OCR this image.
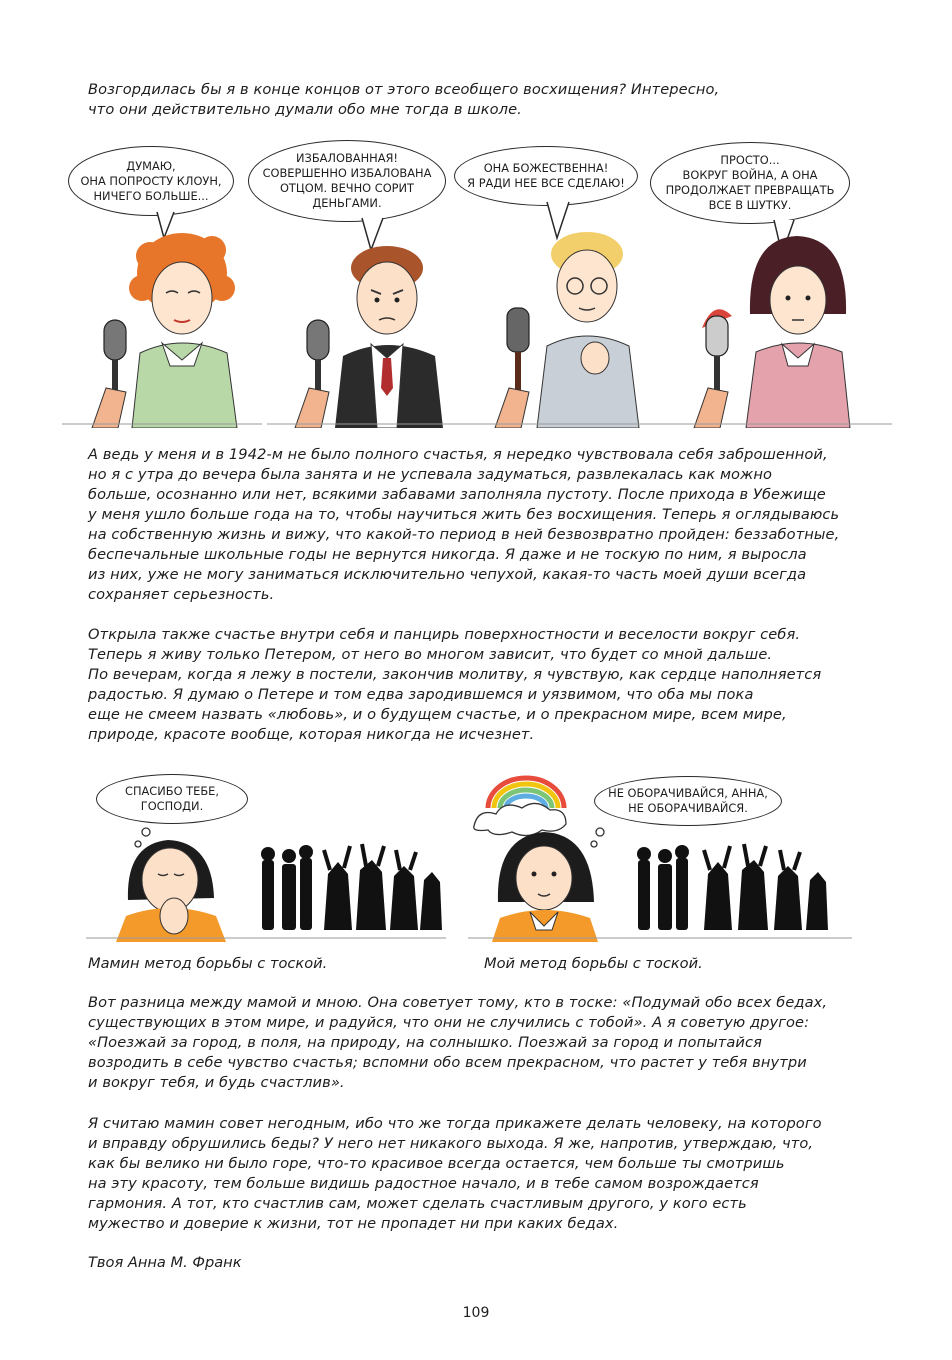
Возгордилась бы я в конце концов от этого всеобщего восхищения? Интересно,
что они действительно думали обо мне тогда в школе.
ДУМАЮ,
ОНА ПОПРОСТУ КЛОУН,
НИЧЕГО БОЛЬШЕ...
ИЗБАЛОВАННАЯ!
СОВЕРШЕННО ИЗБАЛОВАНА
ОТЦОМ. ВЕЧНО СОРИТ
ДЕНЬГАМИ.
ОНА БОЖЕСТВЕННА!
Я РАДИ НЕЕ ВСЕ СДЕЛАЮ!
ПРОСТО...
ВОКРУГ ВОЙНА, А ОНА
ПРОДОЛЖАЕТ ПРЕВРАЩАТЬ
ВСЕ В ШУТКУ.
А ведь у меня и в 1942-м не было полного счастья, я нередко чувствовала себя заброшенной,
но я с утра до вечера была занята и не успевала задуматься, развлекалась как можно
больше, осознанно или нет, всякими забавами заполняла пустоту. После прихода в Убежище
у меня ушло больше года на то, чтобы научиться жить без восхищения. Теперь я оглядываюсь
на собственную жизнь и вижу, что какой-то период в ней безвозвратно пройден: беззаботные,
беспечальные школьные годы не вернутся никогда. Я даже и не тоскую по ним, я выросла
из них, уже не могу заниматься исключительно чепухой, какая-то часть моей души всегда
сохраняет серьезность.
Открыла также счастье внутри себя и панцирь поверхностности и веселости вокруг себя.
Теперь я живу только Петером, от него во многом зависит, что будет со мной дальше.
По вечерам, когда я лежу в постели, закончив молитву, я чувствую, как сердце наполняется
радостью. Я думаю о Петере и том едва зародившемся и уязвимом, что оба мы пока
еще не смеем назвать «любовь», и о будущем счастье, и о прекрасном мире, всем мире,
природе, красоте вообще, которая никогда не исчезнет.
СПАСИБО ТЕБЕ,
ГОСПОДИ.
Мамин метод борьбы с тоской.
НЕ ОБОРАЧИВАЙСЯ, АННА,
НЕ ОБОРАЧИВАЙСЯ.
Мой метод борьбы с тоской.
Вот разница между мамой и мною. Она советует тому, кто в тоске: «Подумай обо всех бедах,
существующих в этом мире, и радуйся, что они не случились с тобой». А я советую другое:
«Поезжай за город, в поля, на природу, на солнышко. Поезжай за город и попытайся
возродить в себе чувство счастья; вспомни обо всем прекрасном, что растет у тебя внутри
и вокруг тебя, и будь счастлив».
Я считаю мамин совет негодным, ибо что же тогда прикажете делать человеку, на которого
и вправду обрушились беды? У него нет никакого выхода. Я же, напротив, утверждаю, что,
как бы велико ни было горе, что-то красивое всегда остается, чем больше ты смотришь
на эту красоту, тем больше видишь радостное начало, и в тебе самом возрождается
гармония. А тот, кто счастлив сам, может сделать счастливым другого, у кого есть
мужество и доверие к жизни, тот не пропадет ни при каких бедах.
Твоя Анна М. Франк
109
